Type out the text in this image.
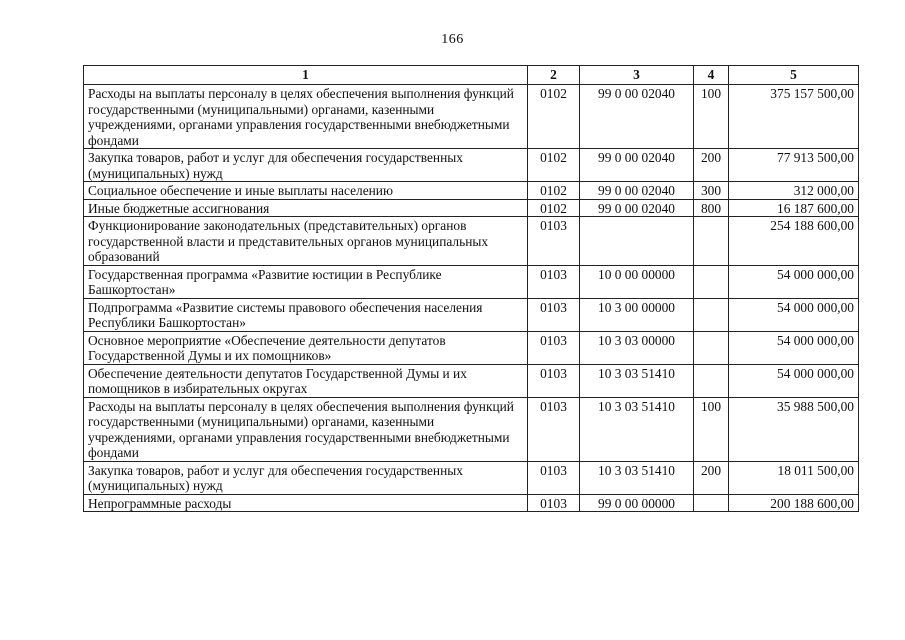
166
1	2	3	4	5
Расходы на выплаты персоналу в целях обеспечения выполнения функций государственными (муниципальными) органами, казенными учреждениями, органами управления государственными внебюджетными фондами	0102	99 0 00 02040	100	375 157 500,00
Закупка товаров, работ и услуг для обеспечения государственных (муниципальных) нужд	0102	99 0 00 02040	200	77 913 500,00
Социальное обеспечение и иные выплаты населению	0102	99 0 00 02040	300	312 000,00
Иные бюджетные ассигнования	0102	99 0 00 02040	800	16 187 600,00
Функционирование законодательных (представительных) органов государственной власти и представительных органов муниципальных образований	0103			254 188 600,00
Государственная программа «Развитие юстиции в Республике Башкортостан»	0103	10 0 00 00000		54 000 000,00
Подпрограмма «Развитие системы правового обеспечения населения Республики Башкортостан»	0103	10 3 00 00000		54 000 000,00
Основное мероприятие «Обеспечение деятельности депутатов Государственной Думы и их помощников»	0103	10 3 03 00000		54 000 000,00
Обеспечение деятельности депутатов Государственной Думы и их помощников в избирательных округах	0103	10 3 03 51410		54 000 000,00
Расходы на выплаты персоналу в целях обеспечения выполнения функций государственными (муниципальными) органами, казенными учреждениями, органами управления государственными внебюджетными фондами	0103	10 3 03 51410	100	35 988 500,00
Закупка товаров, работ и услуг для обеспечения государственных (муниципальных) нужд	0103	10 3 03 51410	200	18 011 500,00
Непрограммные расходы	0103	99 0 00 00000		200 188 600,00
